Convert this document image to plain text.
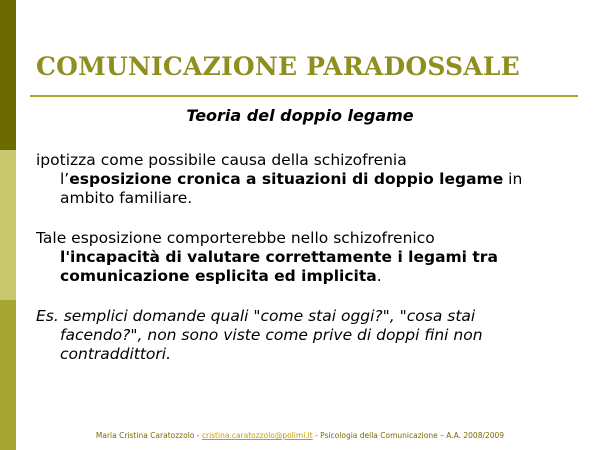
COMUNICAZIONE PARADOSSALE
Teoria del doppio legame
ipotizza come possibile causa della schizofrenia
l’esposizione cronica a situazioni di doppio legame in ambito familiare.
Tale esposizione comporterebbe nello schizofrenico
l'incapacità di valutare correttamente i legami tra comunicazione esplicita ed implicita.
Es. semplici domande quali "come stai oggi?", "cosa stai
facendo?", non sono viste come prive di doppi fini non contraddittori.
Maria Cristina Caratozzolo - cristina.caratozzolo@polimi.it - Psicologia della Comunicazione – A.A. 2008/2009
